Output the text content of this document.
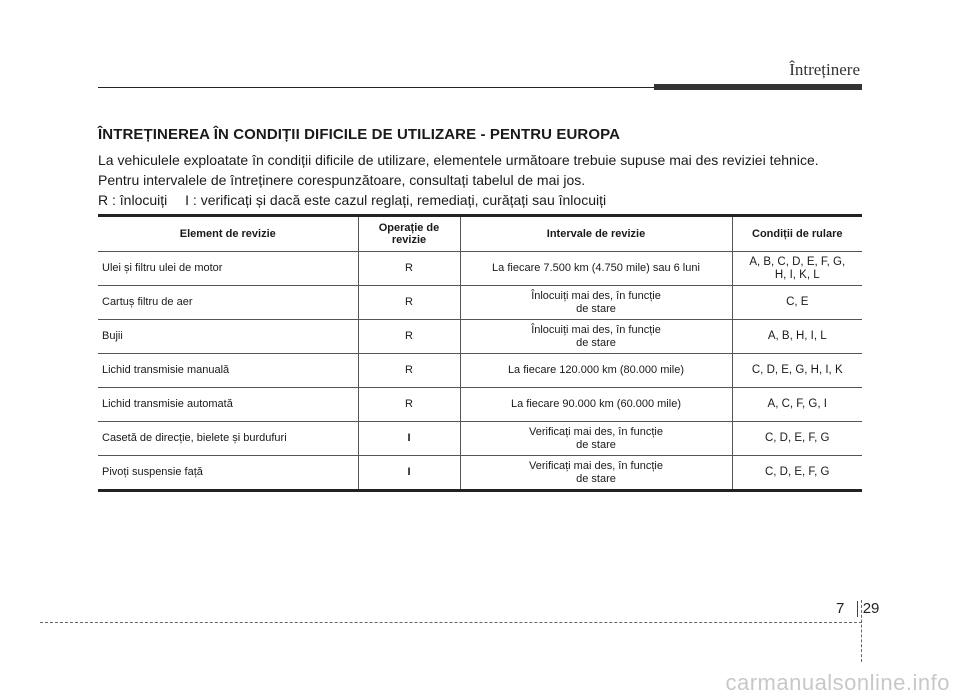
Întreținere

ÎNTREȚINEREA ÎN CONDIȚII DIFICILE DE UTILIZARE - PENTRU EUROPA

La vehiculele exploatate în condiții dificile de utilizare, elementele următoare trebuie supuse mai des reviziei tehnice.

Pentru intervalele de întreținere corespunzătoare, consultați tabelul de mai jos.

R : înlocuiți I : verificați și dacă este cazul reglați, remediați, curățați sau înlocuiți

Element de revizie	Operație de
revizie	Intervale de revizie	Condiții de rulare
Ulei și filtru ulei de motor	R	La fiecare 7.500 km (4.750 mile) sau 6 luni	A, B, C, D, E, F, G,
H, I, K, L

Cartuș filtru de aer	R	Înlocuiți mai des, în funcție
de stare	C, E
Bujii	R	Înlocuiți mai des, în funcție
de stare	A, B, H, I, L
Lichid transmisie manuală	R	La fiecare 120.000 km (80.000 mile)	C, D, E, G, H, I, K
Lichid transmisie automată	R	La fiecare 90.000 km (60.000 mile)	A, C, F, G, I
Casetă de direcție, bielete și burdufuri	I	Verificați mai des, în funcție
de stare	C, D, E, F, G
Pivoți suspensie față	I	Verificați mai des, în funcție
de stare	C, D, E, F, G
7 29
carmanualsonline.info
